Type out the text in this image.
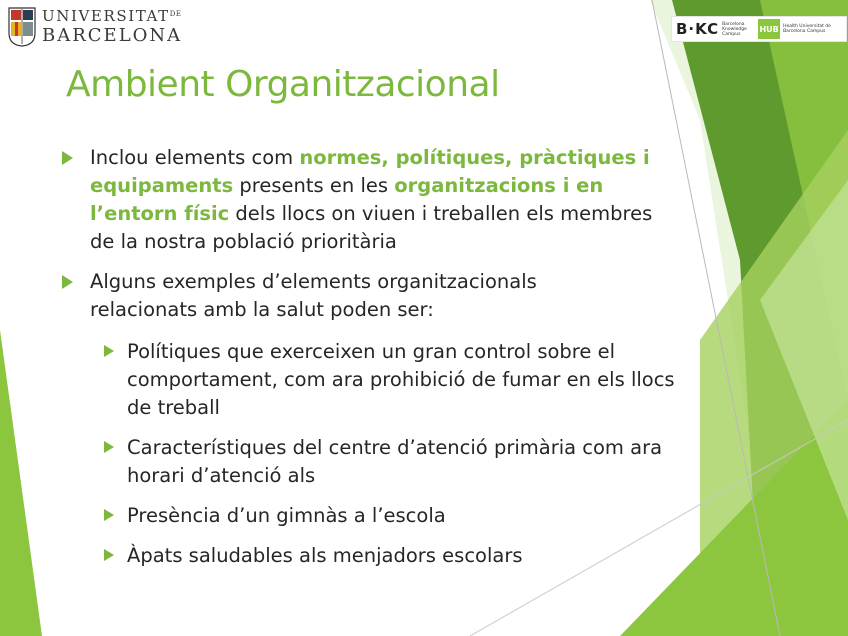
$UNIVERSITAT^{DE}$
BARCELONA	B·KC Barcelona Knowledge Campus
HUB Health Universitat de Barcelona Campus
Ambient Organitzacional
Inclou elements com normes, polítiques, pràctiques i equipaments presents en les organitzacions i en l’entorn físic dels llocs on viuen i treballen els membres de la nostra població prioritària
Alguns exemples d’elements organitzacionals relacionats amb la salut poden ser:
Polítiques que exerceixen un gran control sobre el comportament, com ara prohibició de fumar en els llocs de treball
Característiques del centre d’atenció primària com ara horari d’atenció als
Presència d’un gimnàs a l’escola
Àpats saludables als menjadors escolars
